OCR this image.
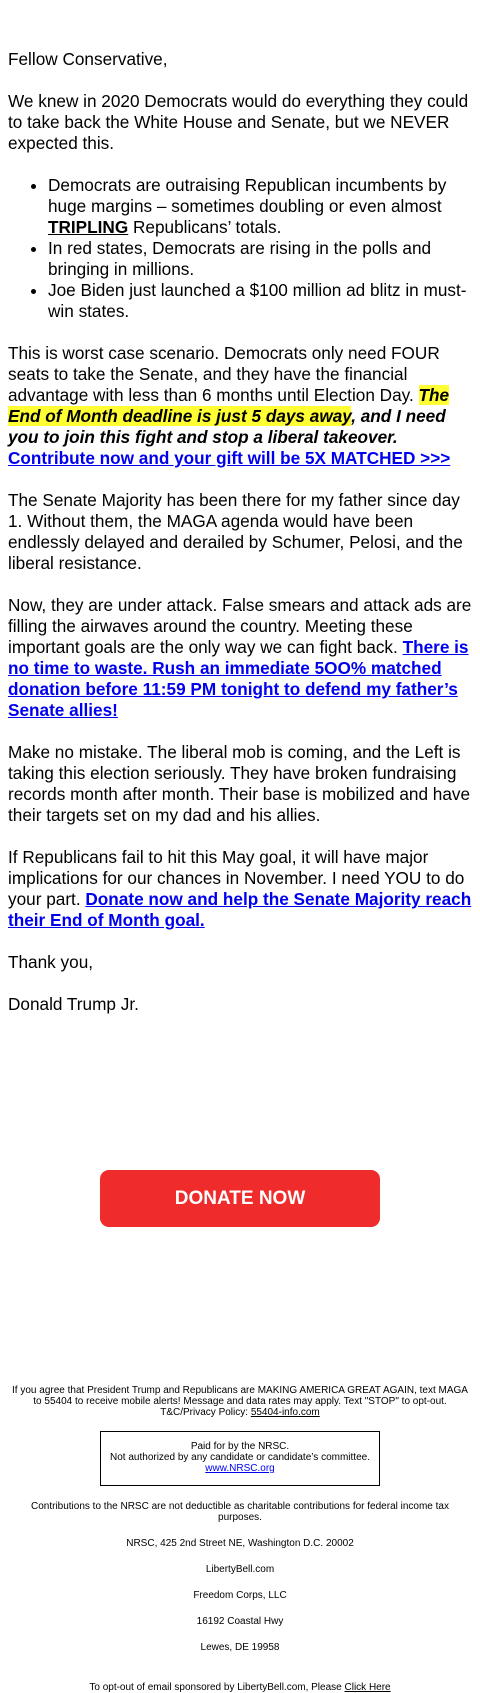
Fellow Conservative,

We knew in 2020 Democrats would do everything they could to take back the White House and Senate, but we NEVER expected this.

• Democrats are outraising Republican incumbents by huge margins – sometimes doubling or even almost TRIPLING Republicans’ totals.
• In red states, Democrats are rising in the polls and bringing in millions.
• Joe Biden just launched a $100 million ad blitz in must-win states.

This is worst case scenario. Democrats only need FOUR seats to take the Senate, and they have the financial advantage with less than 6 months until Election Day. The End of Month deadline is just 5 days away, and I need you to join this fight and stop a liberal takeover. Contribute now and your gift will be 5X MATCHED >>>

The Senate Majority has been there for my father since day 1. Without them, the MAGA agenda would have been endlessly delayed and derailed by Schumer, Pelosi, and the liberal resistance.

Now, they are under attack. False smears and attack ads are filling the airwaves around the country. Meeting these important goals are the only way we can fight back. There is no time to waste. Rush an immediate 5OO% matched donation before 11:59 PM tonight to defend my father’s Senate allies!

Make no mistake. The liberal mob is coming, and the Left is taking this election seriously. They have broken fundraising records month after month. Their base is mobilized and have their targets set on my dad and his allies.

If Republicans fail to hit this May goal, it will have major implications for our chances in November. I need YOU to do your part. Donate now and help the Senate Majority reach their End of Month goal.

Thank you,

Donald Trump Jr.

DONATE NOW

If you agree that President Trump and Republicans are MAKING AMERICA GREAT AGAIN, text MAGA to 55404 to receive mobile alerts! Message and data rates may apply. Text "STOP" to opt-out. T&C/Privacy Policy: 55404-info.com

Paid for by the NRSC.

Not authorized by any candidate or candidate’s committee.

www.NRSC.org

Contributions to the NRSC are not deductible as charitable contributions for federal income tax purposes.

NRSC, 425 2nd Street NE, Washington D.C. 20002

LibertyBell.com

Freedom Corps, LLC

16192 Coastal Hwy

Lewes, DE 19958

To opt-out of email sponsored by LibertyBell.com, Please Click Here
